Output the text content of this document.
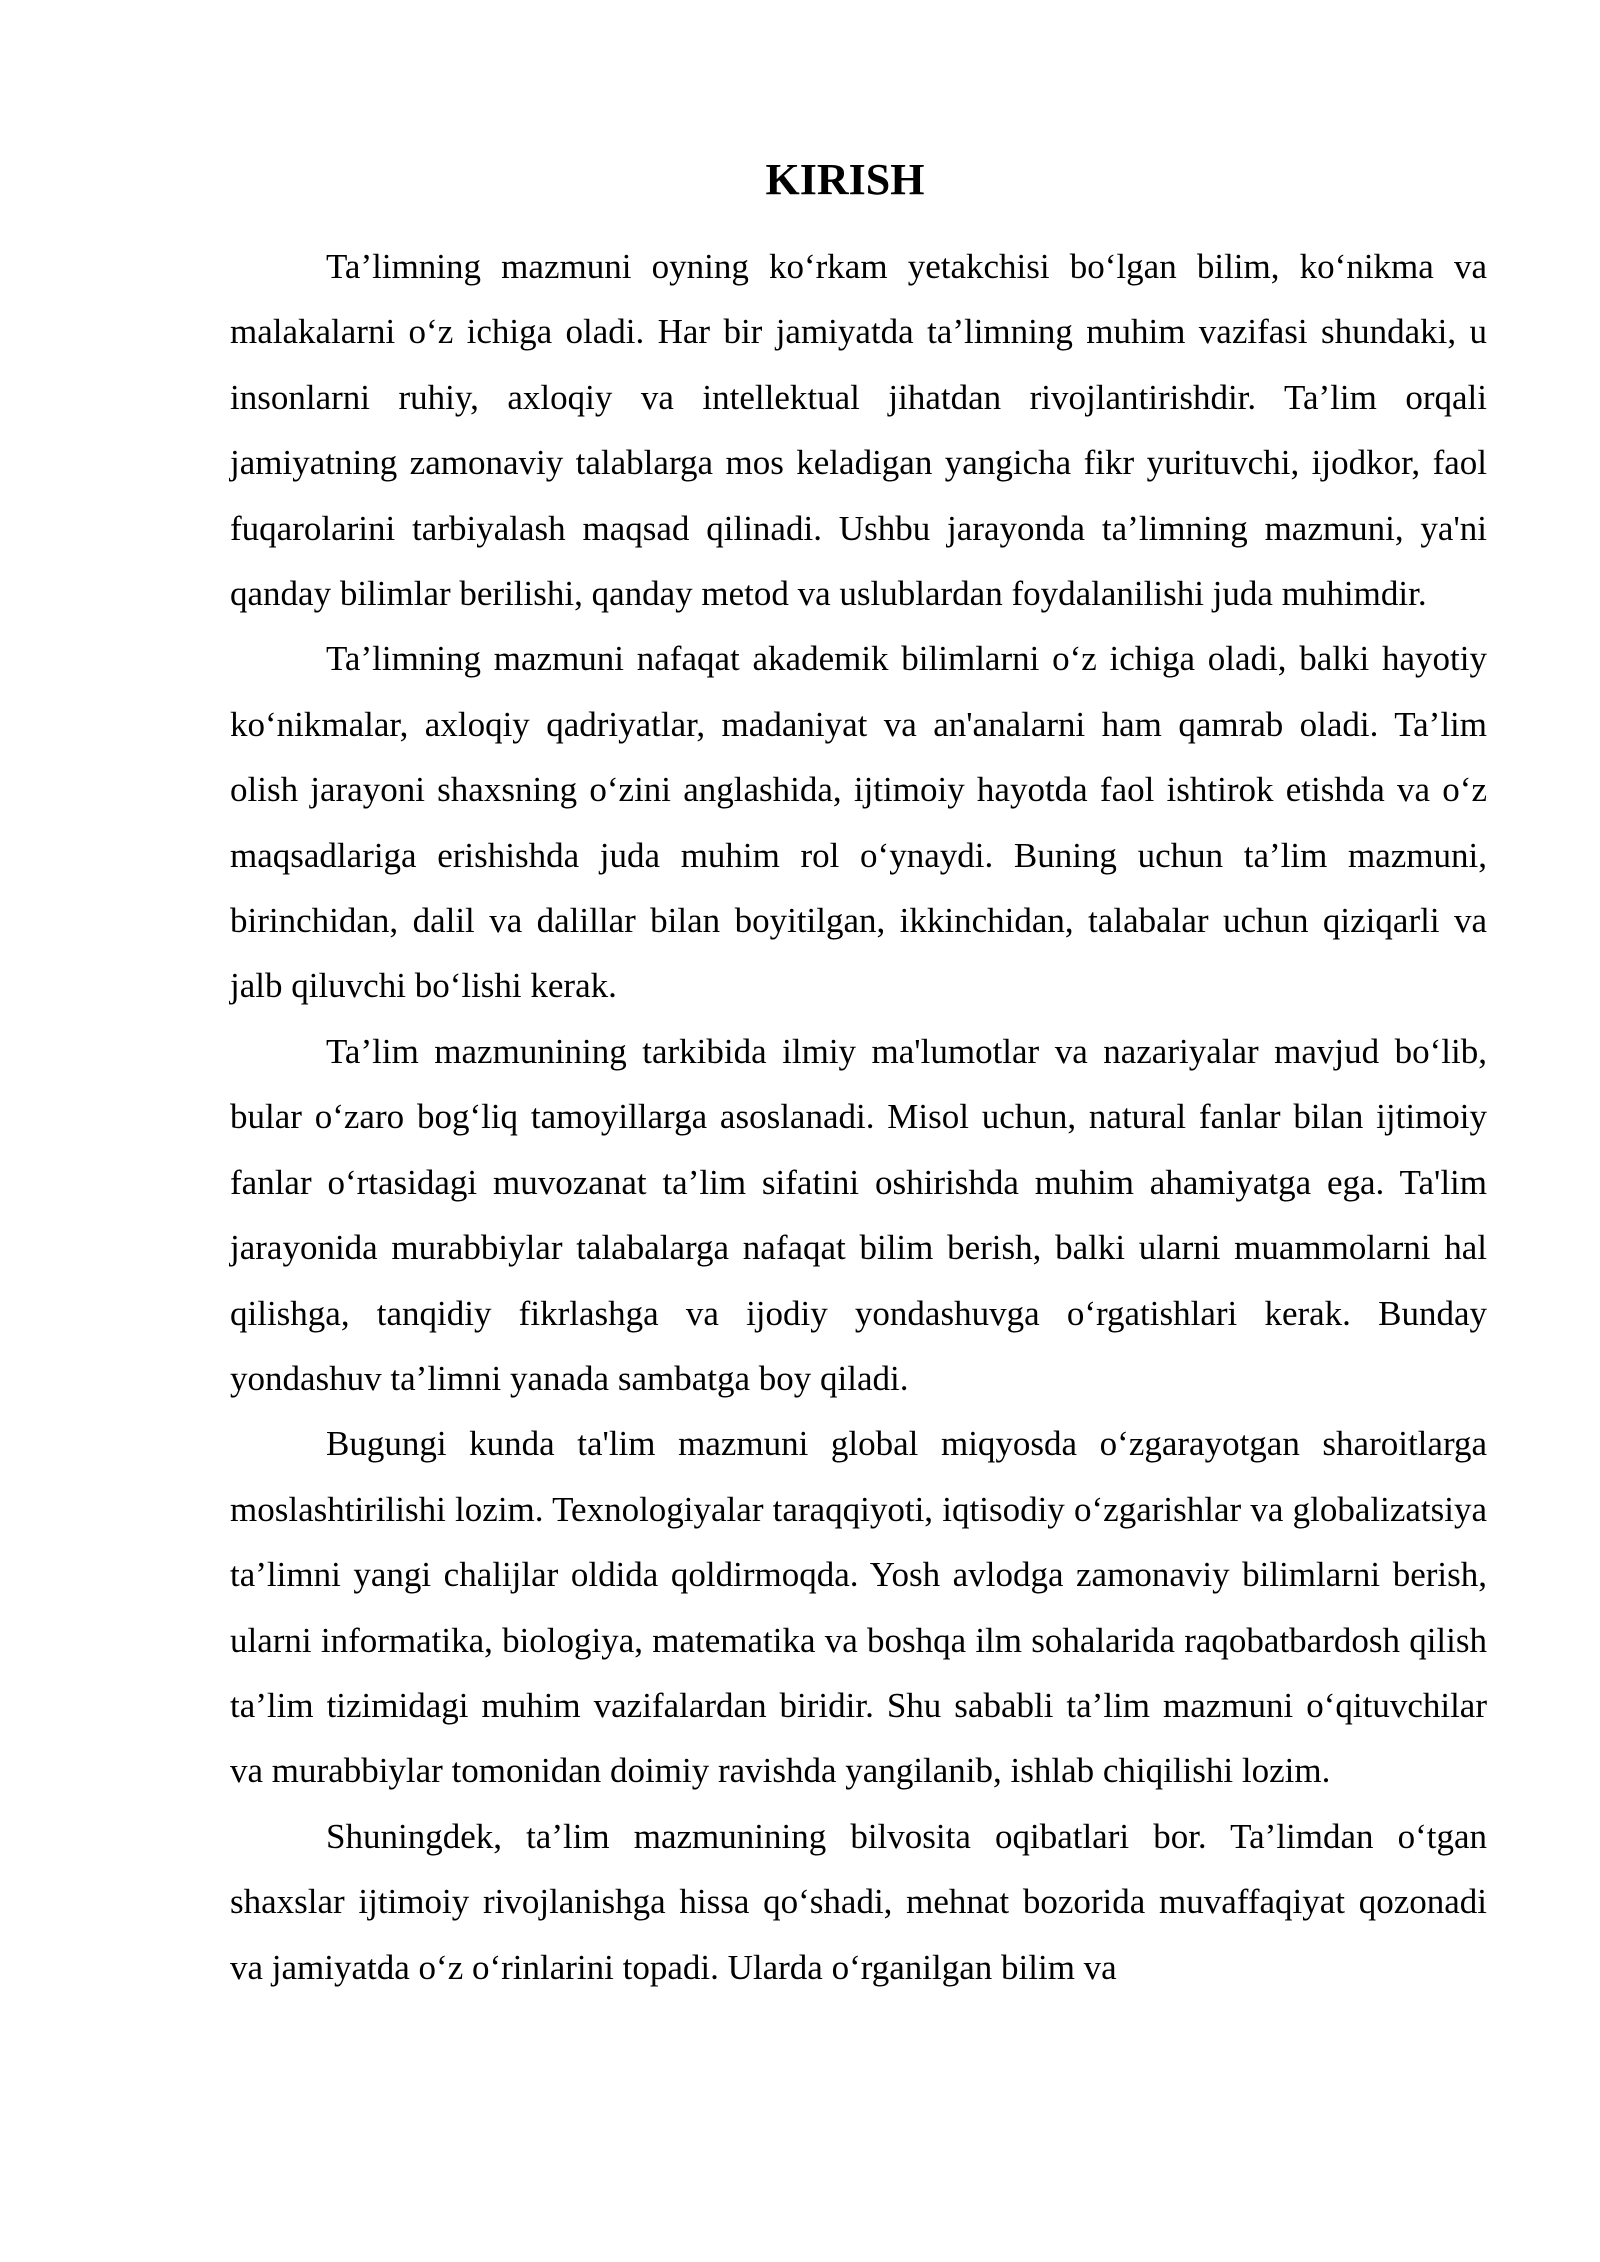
KIRISH

Ta’limning mazmuni oyning ko‘rkam yetakchisi bo‘lgan bilim, ko‘nikma va malakalarni o‘z ichiga oladi. Har bir jamiyatda ta’limning muhim vazifasi shundaki, u insonlarni ruhiy, axloqiy va intellektual jihatdan rivojlantirishdir. Ta’lim orqali jamiyatning zamonaviy talablarga mos keladigan yangicha fikr yurituvchi, ijodkor, faol fuqarolarini tarbiyalash maqsad qilinadi. Ushbu jarayonda ta’limning mazmuni, ya'ni qanday bilimlar berilishi, qanday metod va uslublardan foydalanilishi juda muhimdir.

Ta’limning mazmuni nafaqat akademik bilimlarni o‘z ichiga oladi, balki hayotiy ko‘nikmalar, axloqiy qadriyatlar, madaniyat va an'analarni ham qamrab oladi. Ta’lim olish jarayoni shaxsning o‘zini anglashida, ijtimoiy hayotda faol ishtirok etishda va o‘z maqsadlariga erishishda juda muhim rol o‘ynaydi. Buning uchun ta’lim mazmuni, birinchidan, dalil va dalillar bilan boyitilgan, ikkinchidan, talabalar uchun qiziqarli va jalb qiluvchi bo‘lishi kerak.

Ta’lim mazmunining tarkibida ilmiy ma'lumotlar va nazariyalar mavjud bo‘lib, bular o‘zaro bog‘liq tamoyillarga asoslanadi. Misol uchun, natural fanlar bilan ijtimoiy fanlar o‘rtasidagi muvozanat ta’lim sifatini oshirishda muhim ahamiyatga ega. Ta'lim jarayonida murabbiylar talabalarga nafaqat bilim berish, balki ularni muammolarni hal qilishga, tanqidiy fikrlashga va ijodiy yondashuvga o‘rgatishlari kerak. Bunday yondashuv ta’limni yanada sambatga boy qiladi.

Bugungi kunda ta'lim mazmuni global miqyosda o‘zgarayotgan sharoitlarga moslashtirilishi lozim. Texnologiyalar taraqqiyoti, iqtisodiy o‘zgarishlar va globalizatsiya ta’limni yangi chalijlar oldida qoldirmoqda. Yosh avlodga zamonaviy bilimlarni berish, ularni informatika, biologiya, matematika va boshqa ilm sohalarida raqobatbardosh qilish ta’lim tizimidagi muhim vazifalardan biridir. Shu sababli ta’lim mazmuni o‘qituvchilar va murabbiylar tomonidan doimiy ravishda yangilanib, ishlab chiqilishi lozim.

Shuningdek, ta’lim mazmunining bilvosita oqibatlari bor. Ta’limdan o‘tgan shaxslar ijtimoiy rivojlanishga hissa qo‘shadi, mehnat bozorida muvaffaqiyat qozonadi va jamiyatda o‘z o‘rinlarini topadi. Ularda o‘rganilgan bilim va
